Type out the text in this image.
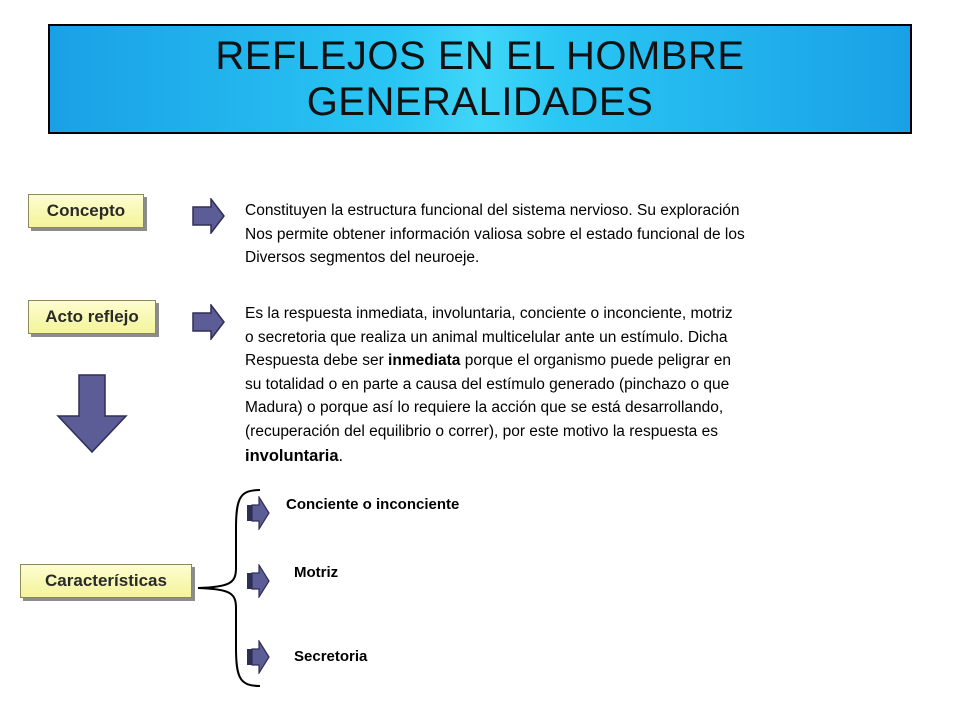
REFLEJOS EN EL HOMBRE
GENERALIDADES
Concepto	Constituyen la estructura funcional del sistema nervioso. Su exploración
Nos permite obtener información valiosa sobre el estado funcional de los
Diversos segmentos del neuroeje.
Acto reflejo	Es la respuesta inmediata, involuntaria, conciente o inconciente, motriz
o secretoria que realiza un animal multicelular ante un estímulo. Dicha
Respuesta debe ser inmediata porque el organismo puede peligrar en
su totalidad o en parte a causa del estímulo generado (pinchazo o que
Madura) o porque así lo requiere la acción que se está desarrollando,
(recuperación del equilibrio o correr), por este motivo la respuesta es
involuntaria.
Características
Conciente o inconciente
Motriz
Secretoria
